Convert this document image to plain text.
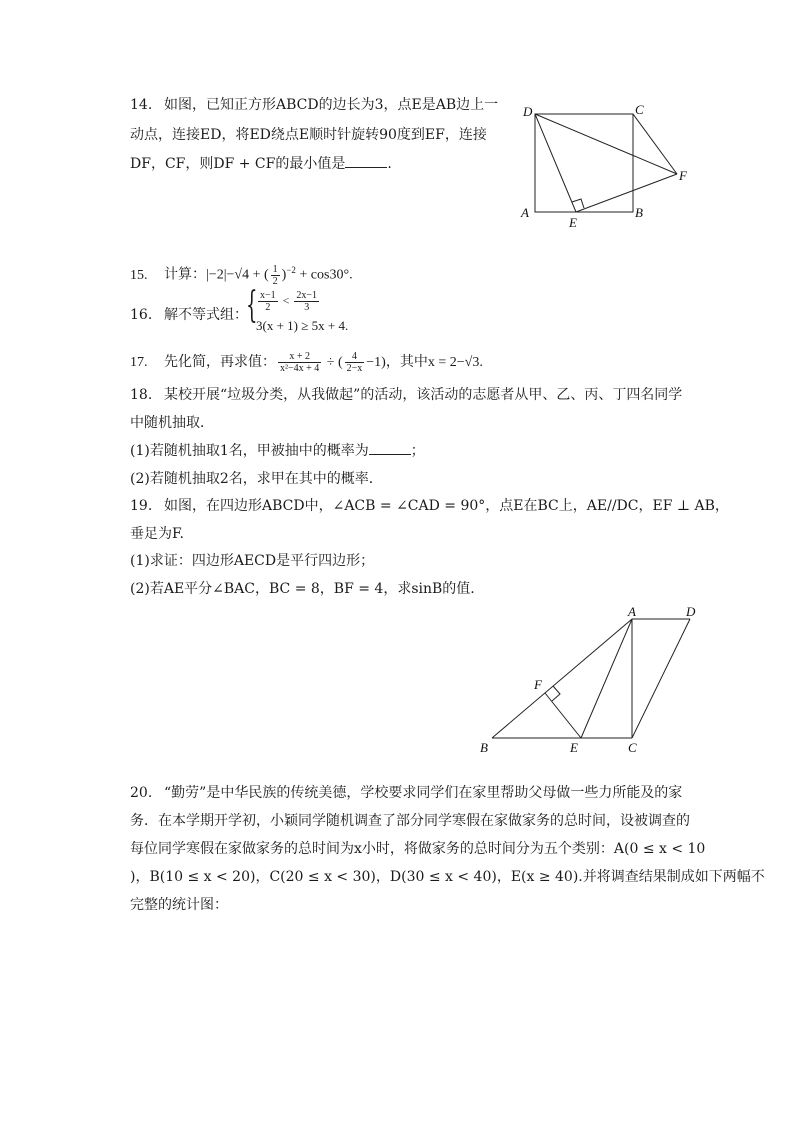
14. 如图，已知正方形ABCD的边长为3，点E是AB边上一
动点，连接ED，将ED绕点E顺时针旋转90度到EF，连接
DF，CF，则DF + CF的最小值是	.
D	C
F
A
E
B
15. 计算：|−2|−√4 + ( $\frac{1}{2} )^{-2} + \cos 30^\circ$.
16. 解不等式组：
{ $\frac{x-1}{2} < \frac{2x-1}{3}$
3(x + 1) ≥ 5x + 4.
17. 先化简，再求值： $\frac{x + 2}{\text{x²−4x + 4}}$ ÷ ( $\frac{4}{2-x} -1$)，其中x = 2−√3.
18. 某校开展“垃圾分类，从我做起”的活动，该活动的志愿者从甲、乙、丙、丁四名同学
中随机抽取．
(1)若随机抽取1名，甲被抽中的概率为	；
(2)若随机抽取2名，求甲在其中的概率．
19. 如图，在四边形ABCD中，∠ACB = ∠CAD = 90°，点E在BC上，AE//DC，EF ⊥ AB，
垂足为F.
(1)求证：四边形AECD是平行四边形；
(2)若AE平分∠BAC，BC = 8，BF = 4，求sinB的值.
A	D
F
B	E	C
20. “勤劳”是中华民族的传统美德，学校要求同学们在家里帮助父母做一些力所能及的家
务．在本学期开学初，小颖同学随机调查了部分同学寒假在家做家务的总时间，设被调查的
每位同学寒假在家做家务的总时间为x小时，将做家务的总时间分为五个类别：A(0 ≤ x < 10
)，B(10 ≤ x < 20)，C(20 ≤ x < 30)，D(30 ≤ x < 40)，E(x ≥ 40).并将调查结果制成如下两幅不
完整的统计图：
